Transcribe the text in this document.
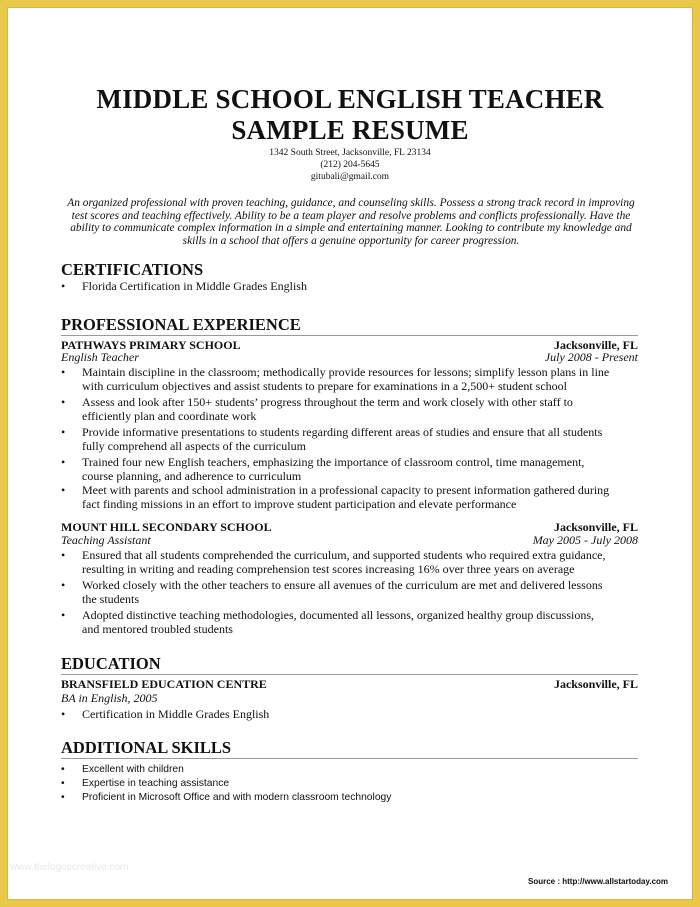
MIDDLE SCHOOL ENGLISH TEACHER
SAMPLE RESUME
1342 South Street, Jacksonville, FL 23134
(212) 204-5645
gitubali@gmail.com
An organized professional with proven teaching, guidance, and counseling skills. Possess a strong track record in improving
test scores and teaching effectively. Ability to be a team player and resolve problems and conflicts professionally. Have the
ability to communicate complex information in a simple and entertaining manner. Looking to contribute my knowledge and
skills in a school that offers a genuine opportunity for career progression.
CERTIFICATIONS
• Florida Certification in Middle Grades English
PROFESSIONAL EXPERIENCE
PATHWAYS PRIMARY SCHOOL	Jacksonville, FL
English Teacher	July 2008 - Present
• Maintain discipline in the classroom; methodically provide resources for lessons; simplify lesson plans in line
with curriculum objectives and assist students to prepare for examinations in a 2,500+ student school
• Assess and look after 150+ students’ progress throughout the term and work closely with other staff to
efficiently plan and coordinate work
• Provide informative presentations to students regarding different areas of studies and ensure that all students
fully comprehend all aspects of the curriculum
• Trained four new English teachers, emphasizing the importance of classroom control, time management,
course planning, and adherence to curriculum
• Meet with parents and school administration in a professional capacity to present information gathered during
fact finding missions in an effort to improve student participation and elevate performance
MOUNT HILL SECONDARY SCHOOL	Jacksonville, FL
Teaching Assistant	May 2005 - July 2008
• Ensured that all students comprehended the curriculum, and supported students who required extra guidance,
resulting in writing and reading comprehension test scores increasing 16% over three years on average
• Worked closely with the other teachers to ensure all avenues of the curriculum are met and delivered lessons
the students
• Adopted distinctive teaching methodologies, documented all lessons, organized healthy group discussions,
and mentored troubled students
EDUCATION
BRANSFIELD EDUCATION CENTRE	Jacksonville, FL
BA in English, 2005
• Certification in Middle Grades English
ADDITIONAL SKILLS
• Excellent with children
• Expertise in teaching assistance
• Proficient in Microsoft Office and with modern classroom technology
www.thelogoscreative.com
Source : http://www.allstartoday.com
